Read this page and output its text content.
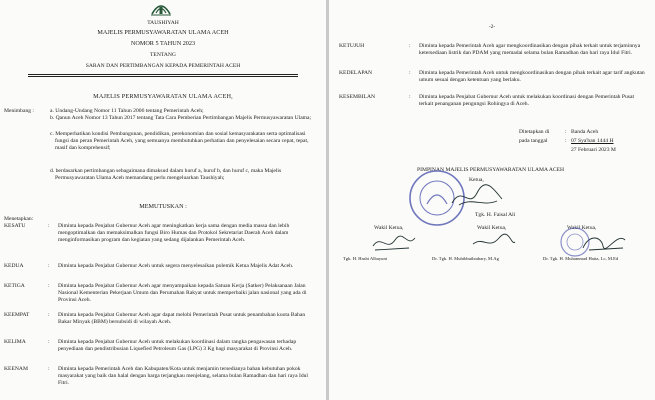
TAUSHIYAH
MAJELIS PERMUSYAWARATAN ULAMA ACEH
NOMOR 5 TAHUN 2023
TENTANG
SARAN DAN PERTIMBANGAN KEPADA PEMERINTAH ACEH
MAJELIS PERMUSYAWARATAN ULAMA ACEH,
Menimbang :	a. Undang-Undang Nomor 11 Tahun 2006 tentang Pemerintah Aceh;
b. Qanun Aceh Nomor 13 Tahun 2017 tentang Tata Cara Pemberian Pertimbangan Majelis Permusyawaratan Ulama;
c. Memperhatikan kondisi Pembangunan, pendidikan, perekonomian dan sosial kemasyarakatan serta optimalisasi fungsi dan peran Pemerintah Aceh, yang semuanya membutuhkan perhatian dan penyelesaian secara cepat, tepat, masif dan komprehensif;
d. berdasarkan pertimbangan sebagaimana dimaksud dalam huruf a, huruf b, dan huruf c, maka Majelis Permusyawaratan Ulama Aceh memandang perlu mengeluarkan Taushiyah;
MEMUTUSKAN :
Menetapkan:
KESATU	: Diminta kepada Penjabat Gubernur Aceh agar meningkatkan kerja sama dengan media massa dan lebih mengoptimalkan dan memaksimalkan fungsi Biro Humas dan Protokol Sekretariat Daerah Aceh dalam menginformasikan program dan kegiatan yang sedang dijalankan Pemerintah Aceh.
KEDUA	: Diminta kepada Penjabat Gubernur Aceh untuk segera menyelesaikan polemik Ketua Majelis Adat Aceh.
KETIGA	: Diminta kepada Penjabat Gubernur Aceh agar menyampaikan kepada Satuan Kerja (Satker) Pelaksanaan Jalan Nasional Kementerian Pekerjaan Umum dan Perumahan Rakyat untuk memperbaiki jalan nasional yang ada di Provinsi Aceh.
KEEMPAT	: Diminta kepada Penjabat Gubernur Aceh agar dapat melobi Pemerintah Pusat untuk penambahan kuota Bahan Bakar Minyak (BBM) bersubsidi di wilayah Aceh.
KELIMA	: Diminta kepada Penjabat Gubernur Aceh untuk melakukan koordinasi dalam rangka pengawasan terhadap penyediaan dan pendistribusian Liquefied Petroleum Gas (LPG) 3 Kg bagi masyarakat di Provinsi Aceh.
KEENAM	: Diminta kepada Pemerintah Aceh dan Kabupaten/Kota untuk menjamin tersedianya bahan kebutuhan pokok masyarakat yang baik dan halal dengan harga terjangkau menjelang, selama bulan Ramadhan dan hari raya Idul Fitri.
-2-
KETUJUH	: Diminta kepada Pemerintah Aceh agar mengkoordinasikan dengan pihak terkait untuk terjaminnya ketersediaan listrik dan PDAM yang memadai selama bulan Ramadhan dan hari raya Idul Fitri.
KEDELAPAN	: Diminta kepada Pemerintah Aceh untuk mengkoordinasikan dengan pihak terkait agar tarif angkutan umum sesuai dengan ketentuan yang berlaku.
KESEMBILAN	: Diminta kepada Penjabat Gubernur Aceh untuk melakukan koordinasi dengan Pemerintah Pusat terkait penanganan pengungsi Rohingya di Aceh.
Ditetapkan di	: Banda Aceh
pada tanggal	: 07 Sya'ban 1444 H
27 Februari 2023 M
PIMPINAN MAJELIS PERMUSYAWARATAN ULAMA ACEH
Ketua,
Tgk. H. Faisal Ali
Wakil Ketua,	Wakil Ketua,	Wakil Ketua,
Tgk. H. Hasbi Albayuni	Dr. Tgk. H. Muhibbuthtabary, M.Ag	Dr. Tgk. H. Muhammad Hatta, Lc, M.Ed
